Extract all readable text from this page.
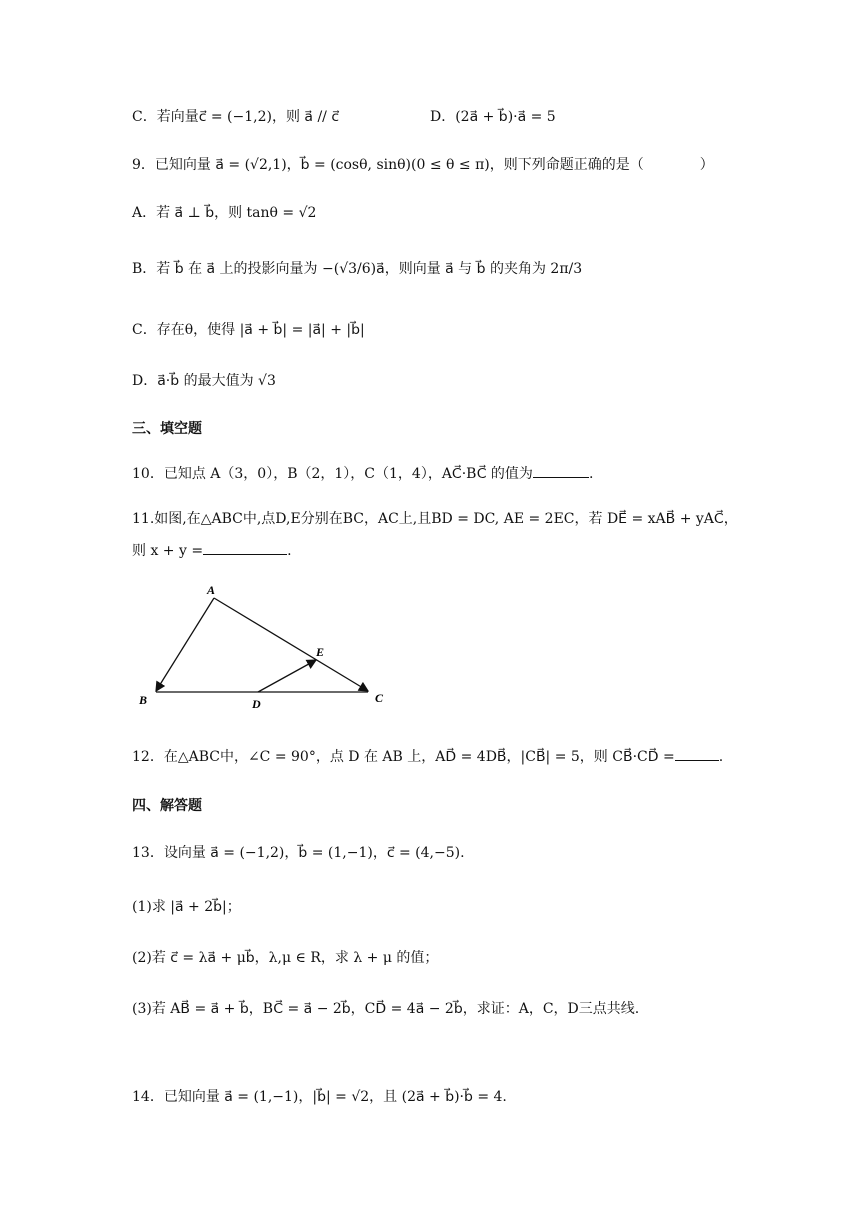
C．若向量c⃗ = (−1,2)，则 a⃗ // c⃗	D．(2a⃗ + b⃗)·a⃗ = 5
9．已知向量 a⃗ = (√2,1)，b⃗ = (cosθ, sinθ)(0 ≤ θ ≤ π)，则下列命题正确的是（　　　　）
A．若 a⃗ ⊥ b⃗，则 tanθ = √2
B．若 b⃗ 在 a⃗ 上的投影向量为 −(√3/6)a⃗，则向量 a⃗ 与 b⃗ 的夹角为 2π/3
C．存在θ，使得 |a⃗ + b⃗| = |a⃗| + |b⃗|
D．a⃗·b⃗ 的最大值为 √3
三、填空题
10．已知点 A（3，0），B（2，1），C（1，4），AC⃗·BC⃗ 的值为	.
11.如图,在△ABC中,点D,E分别在BC，AC上,且BD = DC, AE = 2EC，若 DE⃗ = xAB⃗ + yAC⃗，
则 x + y =	.
A
B	C
D
E
12．在△ABC中，∠C = 90°，点 D 在 AB 上，AD⃗ = 4DB⃗，|CB⃗| = 5，则 CB⃗·CD⃗ =	.
四、解答题
13．设向量 a⃗ = (−1,2)，b⃗ = (1,−1)，c⃗ = (4,−5).
(1)求 |a⃗ + 2b⃗|；
(2)若 c⃗ = λa⃗ + μb⃗，λ,μ ∈ R，求 λ + μ 的值；
(3)若 AB⃗ = a⃗ + b⃗，BC⃗ = a⃗ − 2b⃗，CD⃗ = 4a⃗ − 2b⃗，求证：A，C，D三点共线.
14．已知向量 a⃗ = (1,−1)，|b⃗| = √2，且 (2a⃗ + b⃗)·b⃗ = 4.
